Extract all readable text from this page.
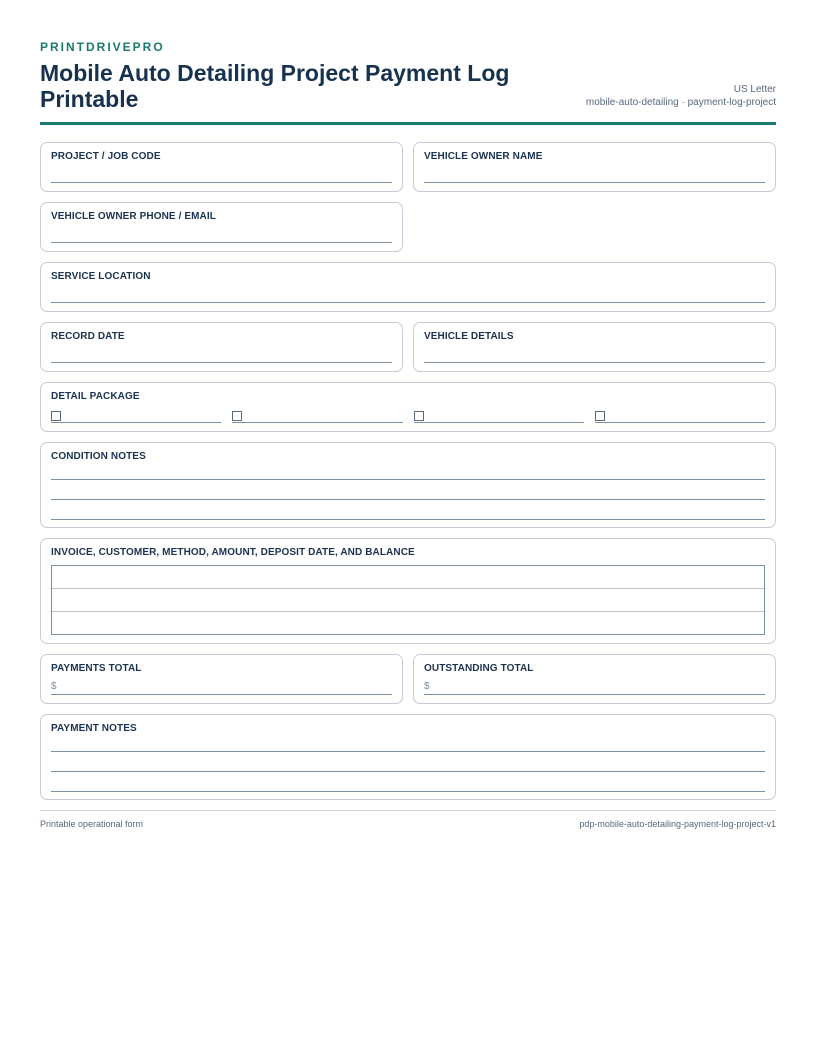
PRINTDRIVEPRO
Mobile Auto Detailing Project Payment Log Printable	US Letter
mobile-auto-detailing · payment-log-project
PROJECT / JOB CODE	VEHICLE OWNER NAME
VEHICLE OWNER PHONE / EMAIL
SERVICE LOCATION
RECORD DATE	VEHICLE DETAILS
DETAIL PACKAGE
CONDITION NOTES
INVOICE, CUSTOMER, METHOD, AMOUNT, DEPOSIT DATE, AND BALANCE
PAYMENTS TOTAL
$
OUTSTANDING TOTAL
$
PAYMENT NOTES
Printable operational form	pdp-mobile-auto-detailing-payment-log-project-v1
